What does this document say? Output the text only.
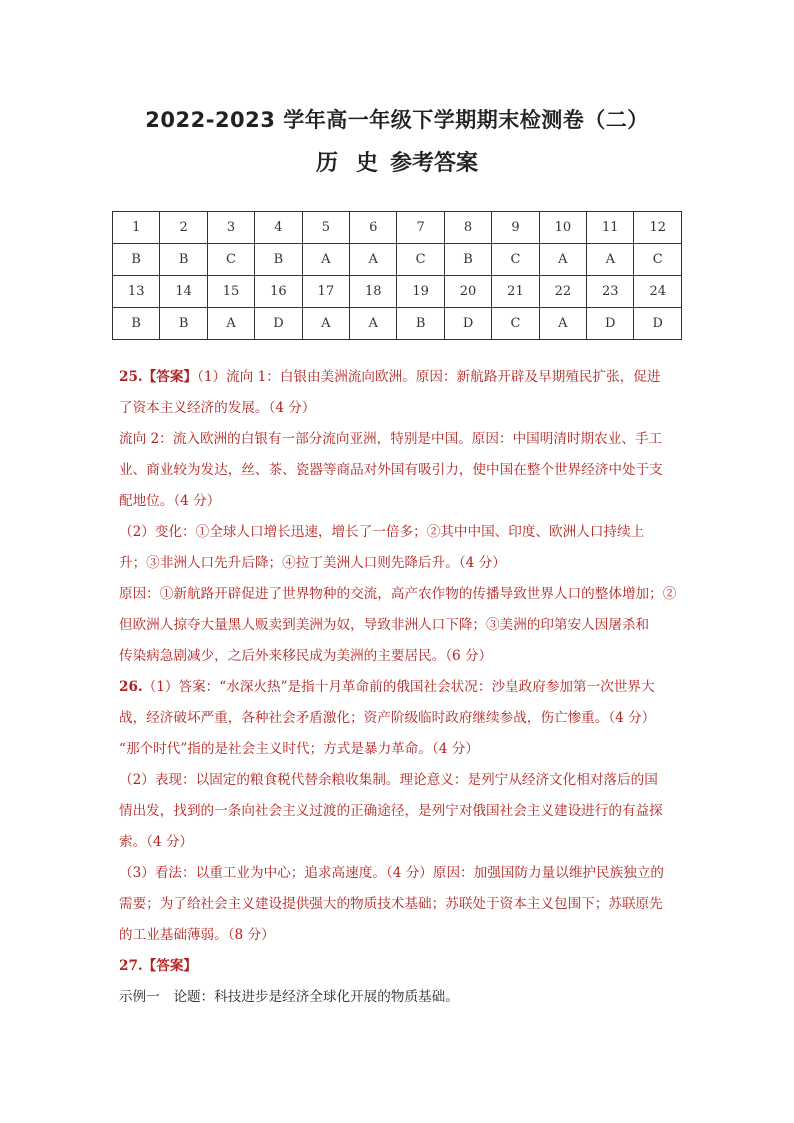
2022-2023 学年高一年级下学期期末检测卷（二）
历 史 参考答案
1	2	3	4	5	6	7	8	9	10	11	12
B	B	C	B	A	A	C	B	C	A	A	C
13	14	15	16	17	18	19	20	21	22	23	24
B	B	A	D	A	A	B	D	C	A	D	D
25.【答案】（1）流向 1：白银由美洲流向欧洲。原因：新航路开辟及早期殖民扩张，促进
了资本主义经济的发展。（4 分）
流向 2：流入欧洲的白银有一部分流向亚洲，特别是中国。原因：中国明清时期农业、手工
业、商业较为发达，丝、茶、瓷器等商品对外国有吸引力，使中国在整个世界经济中处于支
配地位。（4 分）
（2）变化：①全球人口增长迅速，增长了一倍多；②其中中国、印度、欧洲人口持续上
升；③非洲人口先升后降；④拉丁美洲人口则先降后升。（4 分）
原因：①新航路开辟促进了世界物种的交流，高产农作物的传播导致世界人口的整体增加；②
但欧洲人掠夺大量黑人贩卖到美洲为奴，导致非洲人口下降；③美洲的印第安人因屠杀和
传染病急剧减少，之后外来移民成为美洲的主要居民。（6 分）
26.（1）答案：“水深火热”是指十月革命前的俄国社会状况：沙皇政府参加第一次世界大
战，经济破坏严重，各种社会矛盾激化；资产阶级临时政府继续参战，伤亡惨重。（4 分）
“那个时代”指的是社会主义时代；方式是暴力革命。（4 分）
（2）表现：以固定的粮食税代替余粮收集制。理论意义：是列宁从经济文化相对落后的国
情出发，找到的一条向社会主义过渡的正确途径，是列宁对俄国社会主义建设进行的有益探
索。（4 分）
（3）看法：以重工业为中心；追求高速度。（4 分）原因：加强国防力量以维护民族独立的
需要；为了给社会主义建设提供强大的物质技术基础；苏联处于资本主义包围下；苏联原先
的工业基础薄弱。（8 分）
27.【答案】
示例一　论题：科技进步是经济全球化开展的物质基础。
